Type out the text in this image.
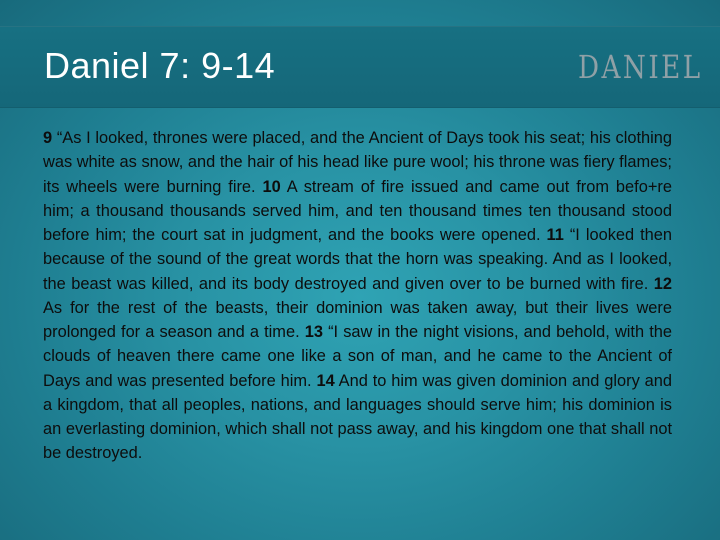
Daniel 7: 9-14	DANIEL

9 “As I looked, thrones were placed, and the Ancient of Days took his seat; his clothing was white as snow, and the hair of his head like pure wool; his throne was fiery flames; its wheels were burning fire. 10 A stream of fire issued and came out from befo+re him; a thousand thousands served him, and ten thousand times ten thousand stood before him; the court sat in judgment, and the books were opened. 11 “I looked then because of the sound of the great words that the horn was speaking. And as I looked, the beast was killed, and its body destroyed and given over to be burned with fire. 12 As for the rest of the beasts, their dominion was taken away, but their lives were prolonged for a season and a time. 13 “I saw in the night visions, and behold, with the clouds of heaven there came one like a son of man, and he came to the Ancient of Days and was presented before him. 14 And to him was given dominion and glory and a kingdom, that all peoples, nations, and languages should serve him; his dominion is an everlasting dominion, which shall not pass away, and his kingdom one that shall not be destroyed.
